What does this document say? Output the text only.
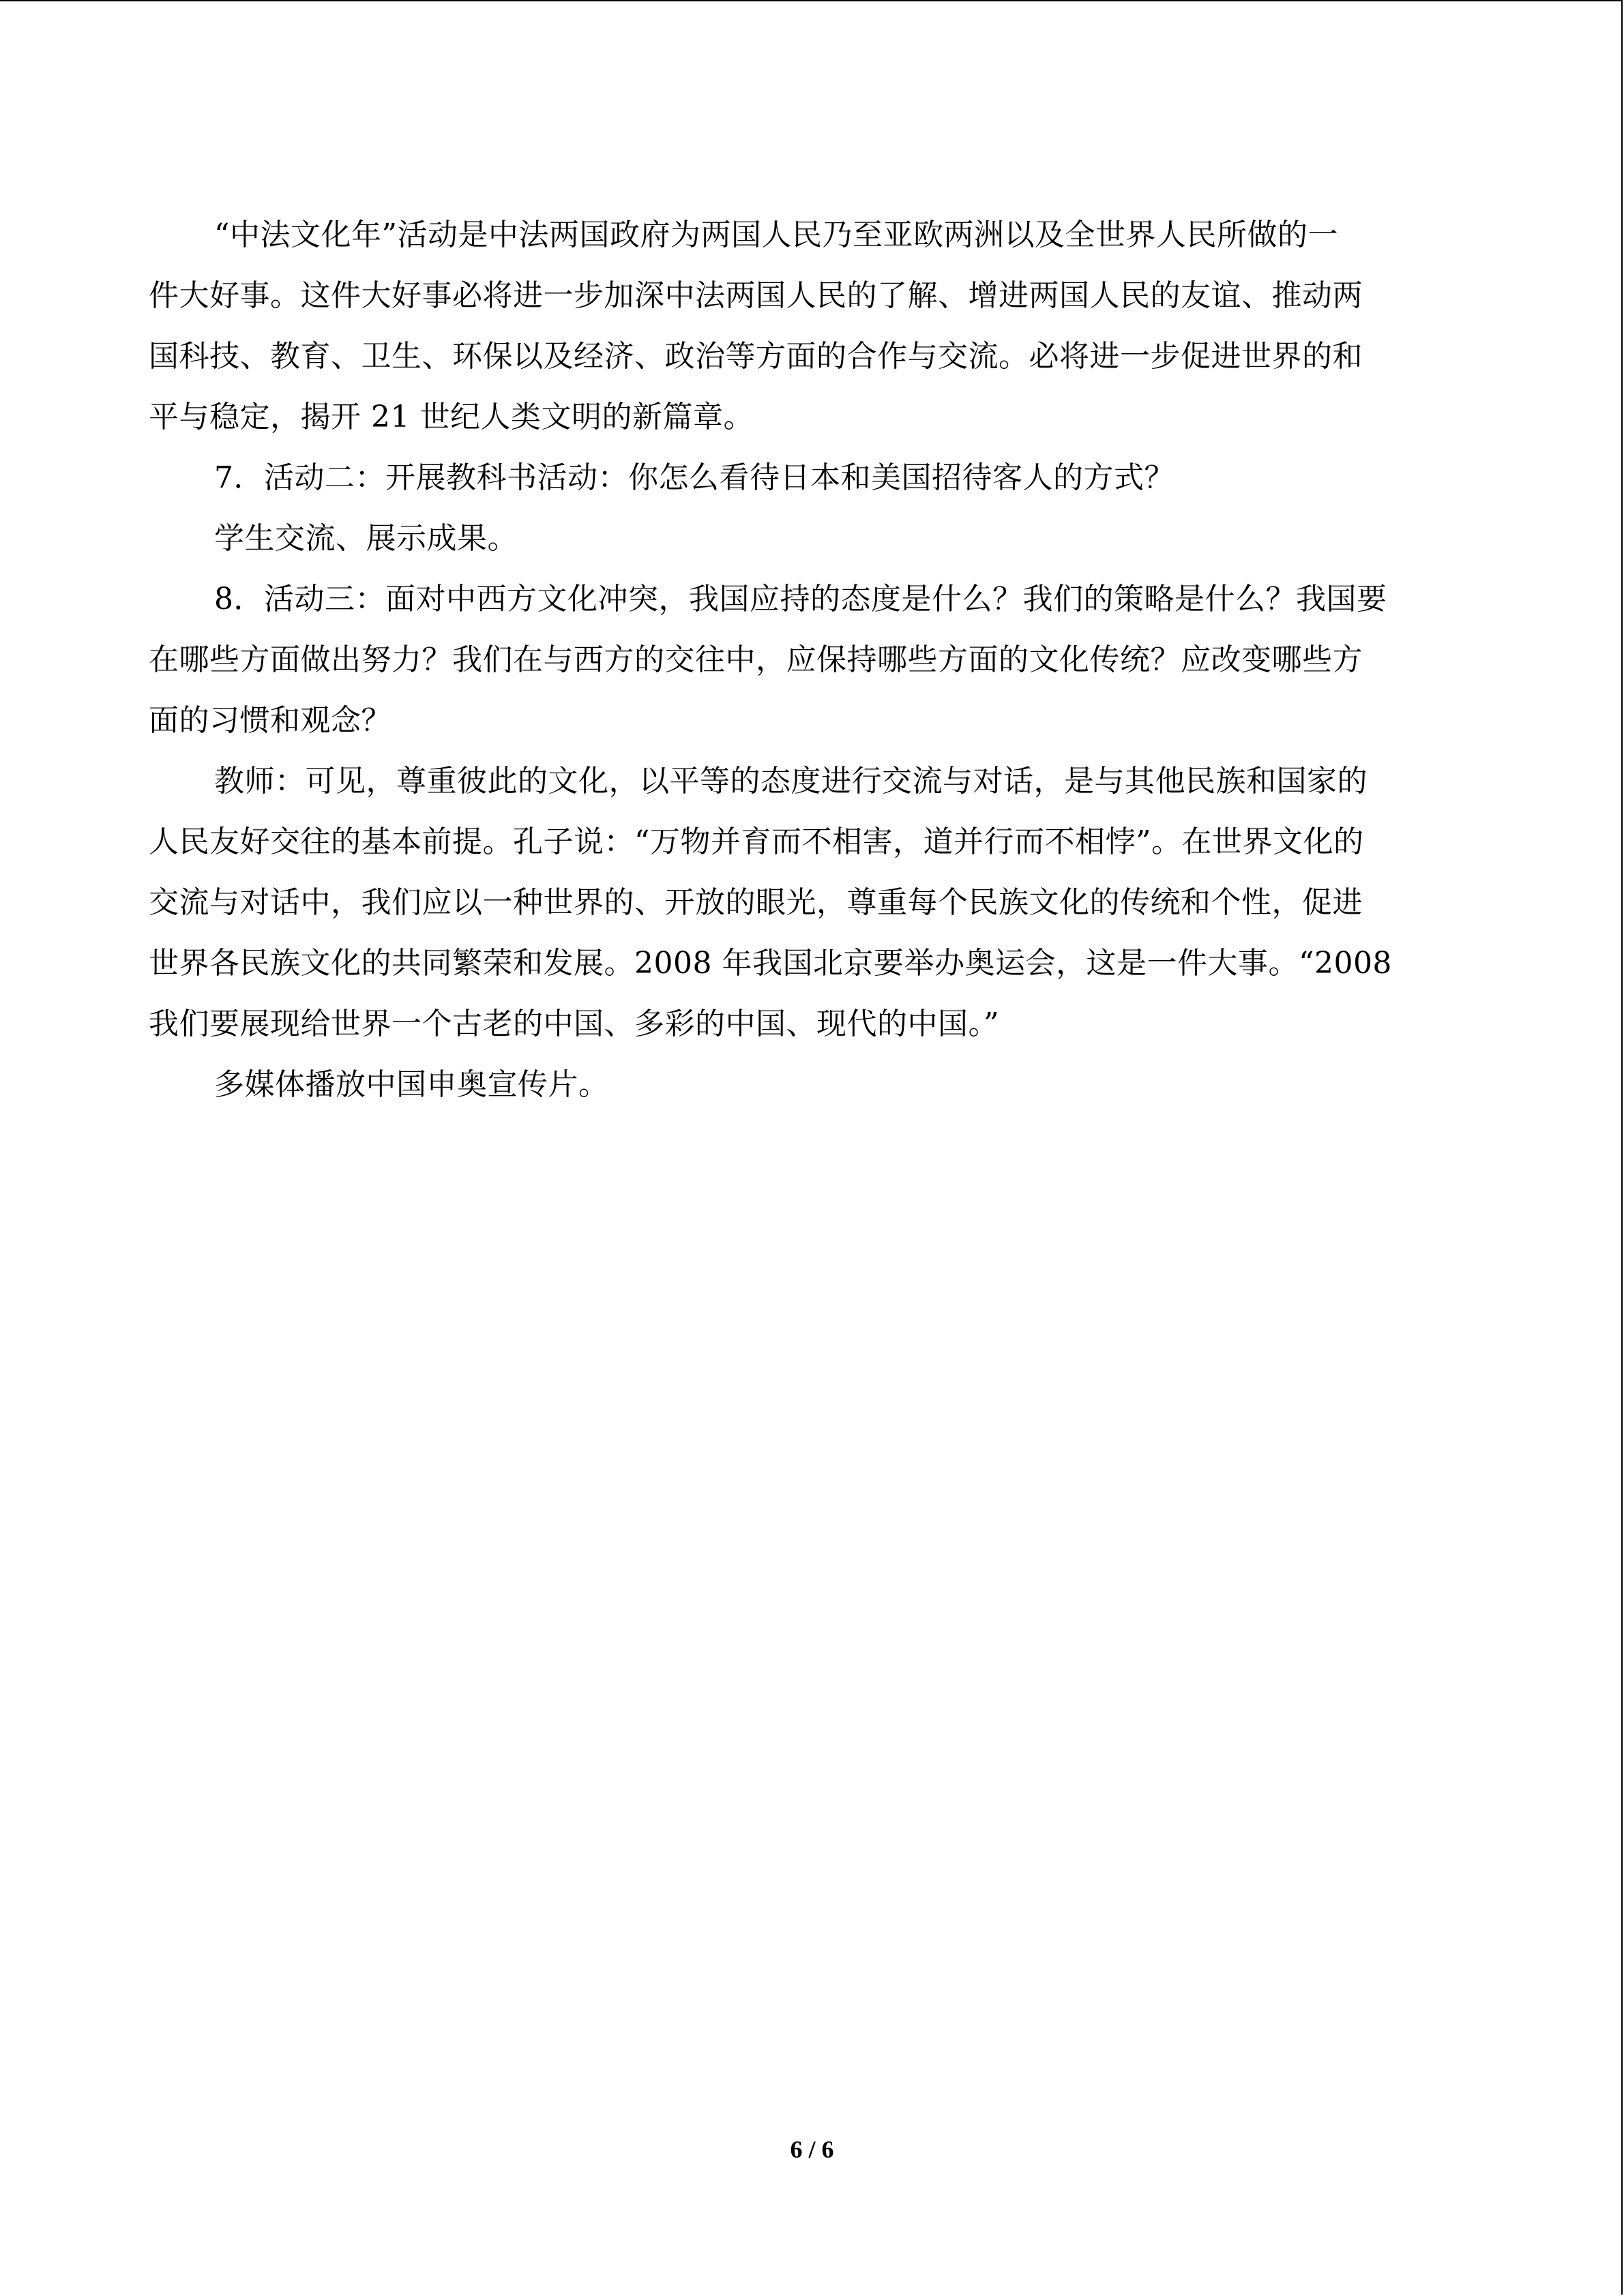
“中法文化年”活动是中法两国政府为两国人民乃至亚欧两洲以及全世界人民所做的一
件大好事。这件大好事必将进一步加深中法两国人民的了解、增进两国人民的友谊、推动两
国科技、教育、卫生、环保以及经济、政治等方面的合作与交流。必将进一步促进世界的和
平与稳定，揭开 21 世纪人类文明的新篇章。
7．活动二：开展教科书活动：你怎么看待日本和美国招待客人的方式？
学生交流、展示成果。
8．活动三：面对中西方文化冲突，我国应持的态度是什么？我们的策略是什么？我国要
在哪些方面做出努力？我们在与西方的交往中，应保持哪些方面的文化传统？应改变哪些方
面的习惯和观念？
教师：可见，尊重彼此的文化，以平等的态度进行交流与对话，是与其他民族和国家的
人民友好交往的基本前提。孔子说：“万物并育而不相害，道并行而不相悖”。在世界文化的
交流与对话中，我们应以一种世界的、开放的眼光，尊重每个民族文化的传统和个性，促进
世界各民族文化的共同繁荣和发展。2008 年我国北京要举办奥运会，这是一件大事。“2008
我们要展现给世界一个古老的中国、多彩的中国、现代的中国。”
多媒体播放中国申奥宣传片。
6 / 6
